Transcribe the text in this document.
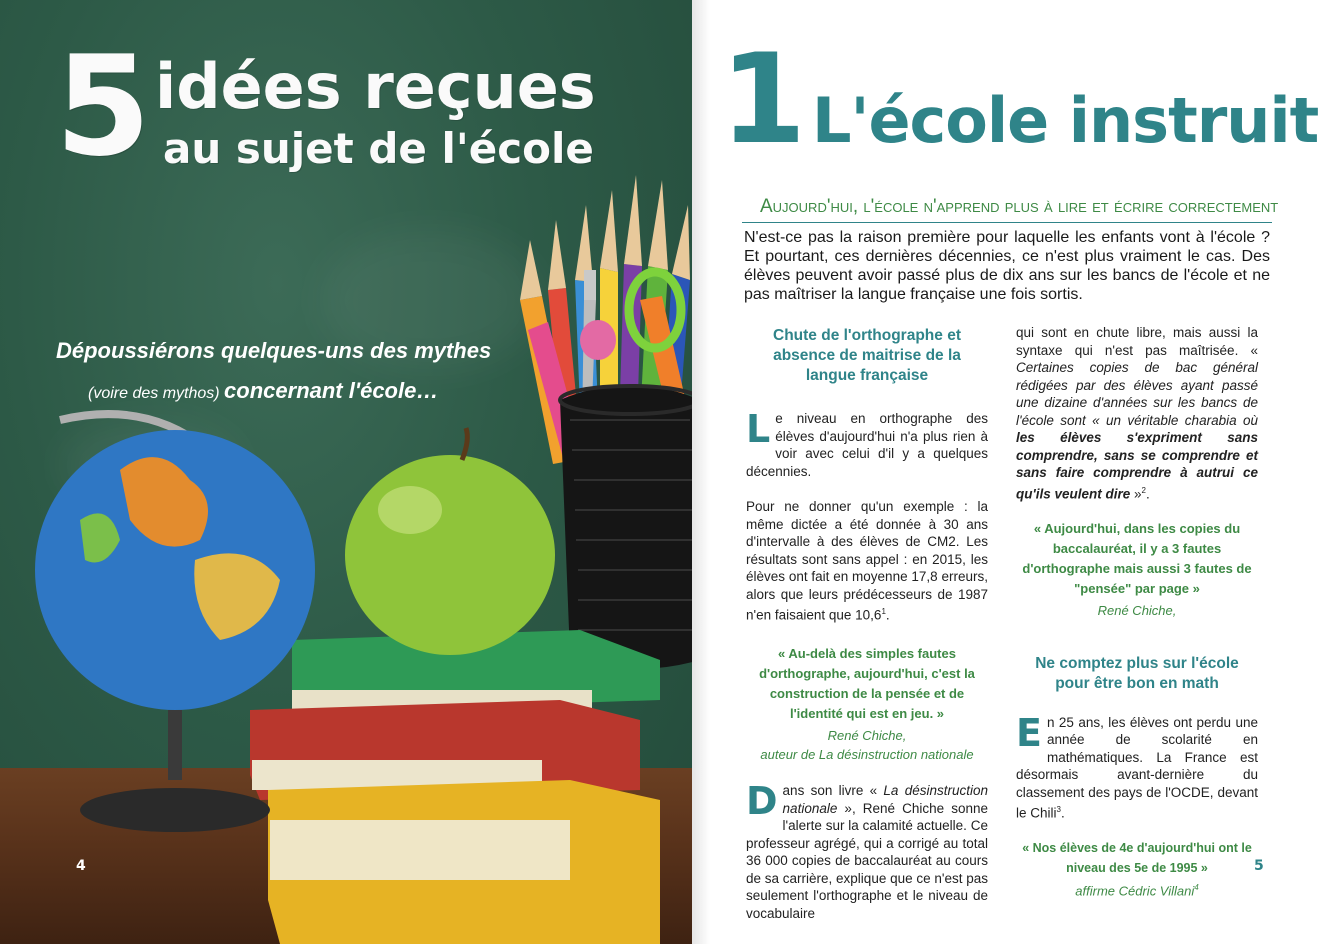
5 idées reçues
au sujet de l'école
Dépoussiérons quelques-uns des mythes
(voire des mythos) concernant l'école…
4
1 L'école instruit
Aujourd'hui, l'école n'apprend plus à lire et écrire correctement

N'est-ce pas la raison première pour laquelle les enfants vont à l'école ? Et pourtant, ces dernières décennies, ce n'est plus vraiment le cas. Des élèves peuvent avoir passé plus de dix ans sur les bancs de l'école et ne pas maîtriser la langue française une fois sortis.

Chute de l'orthographe et absence de maitrise de la langue française

Le niveau en orthographe des élèves d'aujourd'hui n'a plus rien à voir avec celui d'il y a quelques décennies.

Pour ne donner qu'un exemple : la même dictée a été donnée à 30 ans d'intervalle à des élèves de CM2. Les résultats sont sans appel : en 2015, les élèves ont fait en moyenne 17,8 erreurs, alors que leurs prédécesseurs de 1987 n'en faisaient que 10,6$^1$.

« Au-delà des simples fautes d'orthographe, aujourd'hui, c'est la construction de la pensée et de l'identité qui est en jeu. »
René Chiche,
auteur de La désinstruction nationale

Dans son livre « La désinstruction nationale », René Chiche sonne l'alerte sur la calamité actuelle. Ce professeur agrégé, qui a corrigé au total 36 000 copies de baccalauréat au cours de sa carrière, explique que ce n'est pas seulement l'orthographe et le niveau de vocabulaire

qui sont en chute libre, mais aussi la syntaxe qui n'est pas maîtrisée. « Certaines copies de bac général rédigées par des élèves ayant passé une dizaine d'années sur les bancs de l'école sont « un véritable charabia où les élèves s'expriment sans comprendre, sans se comprendre et sans faire comprendre à autrui ce qu'ils veulent dire »$^2$.

« Aujourd'hui, dans les copies du baccalauréat, il y a 3 fautes d'orthographe mais aussi 3 fautes de "pensée" par page »
René Chiche,
Ne comptez plus sur l'école pour être bon en math

En 25 ans, les élèves ont perdu une année de scolarité en mathématiques. La France est désormais avant-dernière du classement des pays de l'OCDE, devant le Chili$^3$.

« Nos élèves de 4e d'aujourd'hui ont le niveau des 5e de 1995 »
affirme Cédric Villani$^4$
5
